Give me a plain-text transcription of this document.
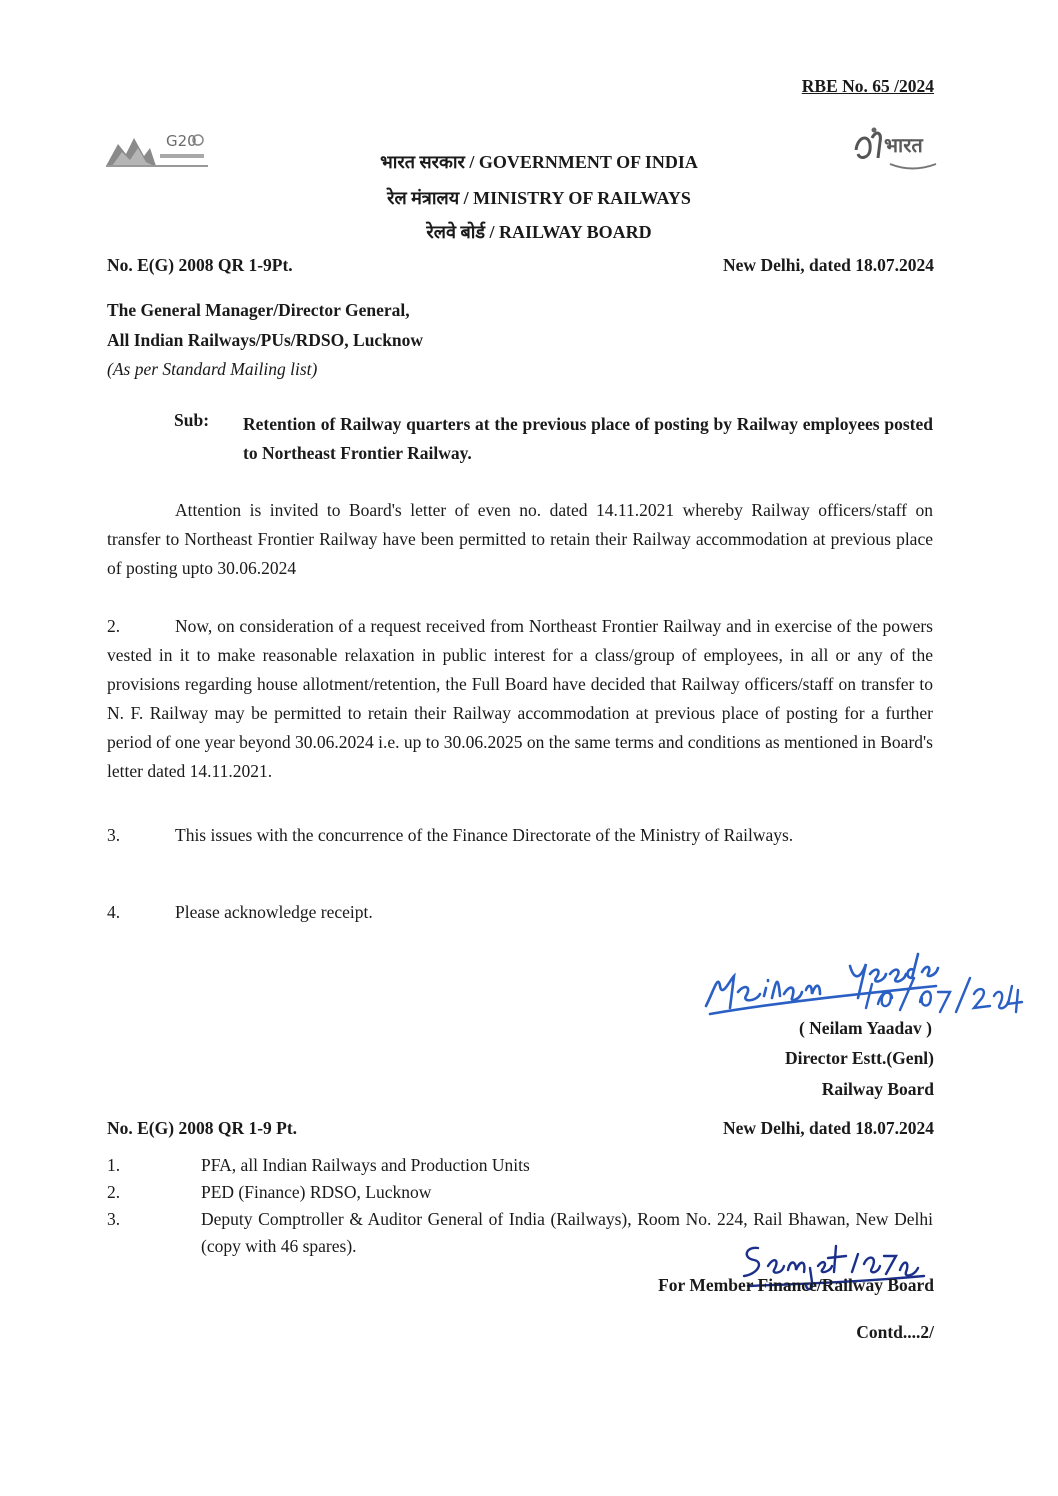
RBE No. 65 /2024
G20	भारत
भारत सरकार / GOVERNMENT OF INDIA
रेल मंत्रालय / MINISTRY OF RAILWAYS
रेलवे बोर्ड / RAILWAY BOARD
No. E(G) 2008 QR 1-9Pt.	New Delhi, dated 18.07.2024
The General Manager/Director General,
All Indian Railways/PUs/RDSO, Lucknow
(As per Standard Mailing list)
Sub: Retention of Railway quarters at the previous place of posting by Railway employees posted to Northeast Frontier Railway.
Attention is invited to Board's letter of even no. dated 14.11.2021 whereby Railway officers/staff on transfer to Northeast Frontier Railway have been permitted to retain their Railway accommodation at previous place of posting upto 30.06.2024
2.	Now, on consideration of a request received from Northeast Frontier Railway and in exercise of the powers vested in it to make reasonable relaxation in public interest for a class/group of employees, in all or any of the provisions regarding house allotment/retention, the Full Board have decided that Railway officers/staff on transfer to N. F. Railway may be permitted to retain their Railway accommodation at previous place of posting for a further period of one year beyond 30.06.2024 i.e. up to 30.06.2025 on the same terms and conditions as mentioned in Board's letter dated 14.11.2021.
3.	This issues with the concurrence of the Finance Directorate of the Ministry of Railways.
4.	Please acknowledge receipt.
( Neilam Yaadav )
Director Estt.(Genl)
Railway Board
No. E(G) 2008 QR 1-9 Pt.	New Delhi, dated 18.07.2024
1.	PFA, all Indian Railways and Production Units
2.	PED (Finance) RDSO, Lucknow
3.	Deputy Comptroller & Auditor General of India (Railways), Room No. 224, Rail Bhawan, New Delhi (copy with 46 spares).
For Member Finance/Railway Board
Contd....2/
